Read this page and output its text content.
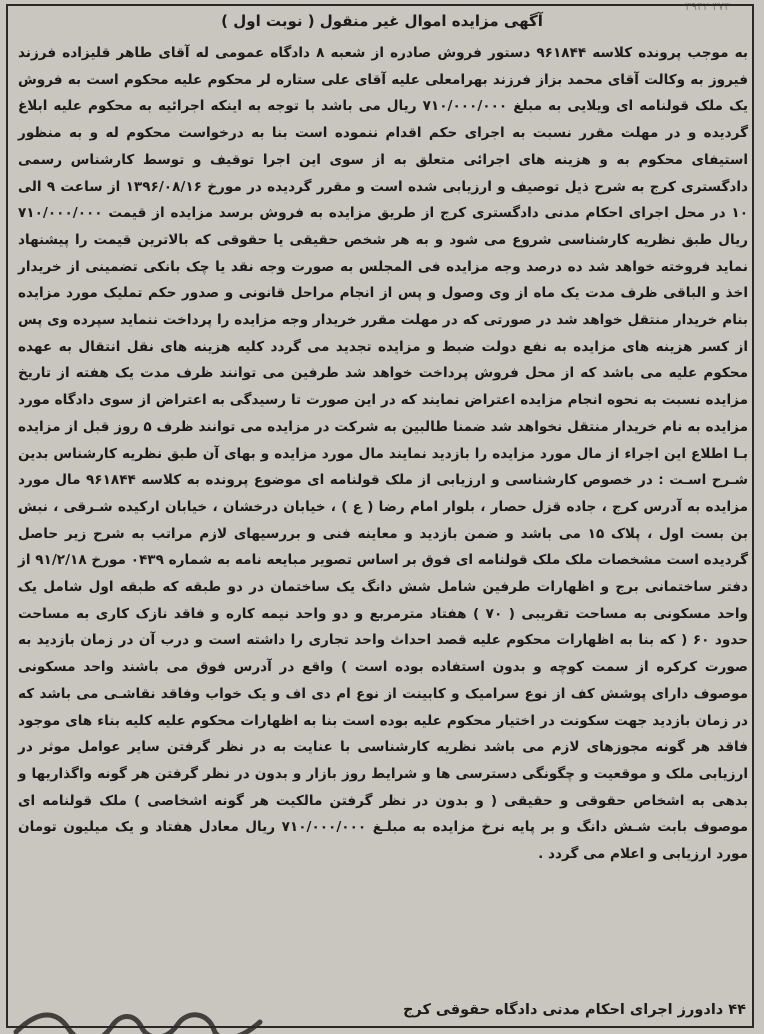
۳۹۴۲ ۳۷۳
آگهی مزایده اموال غیر منقول ( نوبت اول )
به موجب پرونده کلاسه ۹۶۱۸۴۴ دستور فروش صادره از شعبه ۸ دادگاه عمومی له آقای طاهر قلیزاده فرزند فیروز به وکالت آقای محمد بزاز فرزند بهرامعلی علیه آقای علی ستاره لر محکوم علیه محکوم است به فروش یک ملک قولنامه ای ویلایی به مبلغ ۷۱۰/۰۰۰/۰۰۰ ریال می باشد با توجه به اینکه اجرائیه به محکوم علیه ابلاغ گردیده و در مهلت مقرر نسبت به اجرای حکم اقدام ننموده است بنا به درخواست محکوم له و به منظور استیفای محکوم به و هزینه های اجرائی متعلق به از سوی این اجرا توقیف و توسط کارشناس رسمی دادگستری کرج به شرح ذیل توصیف و ارزیابی شده است و مقرر گردیده در مورخ ۱۳۹۶/۰۸/۱۶ از ساعت ۹ الی ۱۰ در محل اجرای احکام مدنی دادگستری کرج از طریق مزایده به فروش برسد مزایده از قیمت ۷۱۰/۰۰۰/۰۰۰ ریال طبق نظریه کارشناسی شروع می شود و به هر شخص حقیقی یا حقوقی که بالاترین قیمت را پیشنهاد نماید فروخته خواهد شد ده درصد وجه مزایده فی المجلس به صورت وجه نقد یا چک بانکی تضمینی از خریدار اخذ و الباقی ظرف مدت یک ماه از وی وصول و پس از انجام مراحل قانونی و صدور حکم تملیک مورد مزایده بنام خریدار منتقل خواهد شد در صورتی که در مهلت مقرر خریدار وجه مزایده را پرداخت ننماید سپرده وی پس از کسر هزینه های مزایده به نفع دولت ضبط و مزایده تجدید می گردد کلیه هزینه های نقل انتقال به عهده محکوم علیه می باشد که از محل فروش پرداخت خواهد شد طرفین می توانند ظرف مدت یک هفته از تاریخ مزایده نسبت به نحوه انجام مزایده اعتراض نمایند که در این صورت تا رسیدگی به اعتراض از سوی دادگاه مورد مزایده به نام خریدار منتقل نخواهد شد ضمنا طالبین به شرکت در مزایده می توانند ظرف ۵ روز قبل از مزایده بـا اطلاع این اجراء از مال مورد مزایده را بازدید نمایند مال مورد مزایده و بهای آن طبق نظریه کارشناس بدین شـرح اسـت : در خصوص کارشناسی و ارزیابی از ملک قولنامه ای موضوع پرونده به کلاسه ۹۶۱۸۴۴ مال مورد مزایده به آدرس کرج ، جاده قزل حصار ، بلوار امام رضا ( ع ) ، خیابان درخشان ، خیابان ارکیده شـرقی ، نبش بن بست اول ، پلاک ۱۵ می باشد و ضمن بازدید و معاینه فنی و بررسیهای لازم مراتب به شرح زیر حاصل گردیده است مشخصات ملک ملک قولنامه ای فوق بر اساس تصویر مبایعه نامه به شماره ۰۴۳۹ مورخ ۹۱/۲/۱۸ از دفتر ساختمانی برج و اظهارات طرفین شامل شش دانگ یک ساختمان در دو طبقه که طبقه اول شامل یک واحد مسکونی به مساحت تقریبی ( ۷۰ ) هفتاد مترمربع و دو واحد نیمه کاره و فاقد نازک کاری به مساحت حدود ۶۰ ( که بنا به اظهارات محکوم علیه قصد احداث واحد تجاری را داشته است و درب آن در زمان بازدید به صورت کرکره از سمت کوچه و بدون استفاده بوده است ) واقع در آدرس فوق می باشند واحد مسکونی موصوف دارای پوشش کف از نوع سرامیک و کابینت از نوع ام دی اف و یک خواب وفاقد نقاشـی می باشد که در زمان بازدید جهت سکونت در اختیار محکوم علیه بوده است بنا به اظهارات محکوم علیه کلیه بناء های موجود فاقد هر گونه مجوزهای لازم می باشد نظریه کارشناسی با عنایت به در نظر گرفتن سایر عوامل موثر در ارزیابی ملک و موقعیت و چگونگی دسترسی ها و شرایط روز بازار و بدون در نظر گرفتن هر گونه واگذاریها و بدهی به اشخاص حقوقی و حقیقی ( و بدون در نظر گرفتن مالکیت هر گونه اشخاصی ) ملک قولنامه ای موصوف بابت شـش دانگ و بر پایه نرخ مزایده به مبلـغ ۷۱۰/۰۰۰/۰۰۰ ریال معادل هفتاد و یک میلیون تومان مورد ارزیابی و اعلام می گردد .
۴۴ دادورز اجرای احکام مدنی دادگاه حقوقی کرج
